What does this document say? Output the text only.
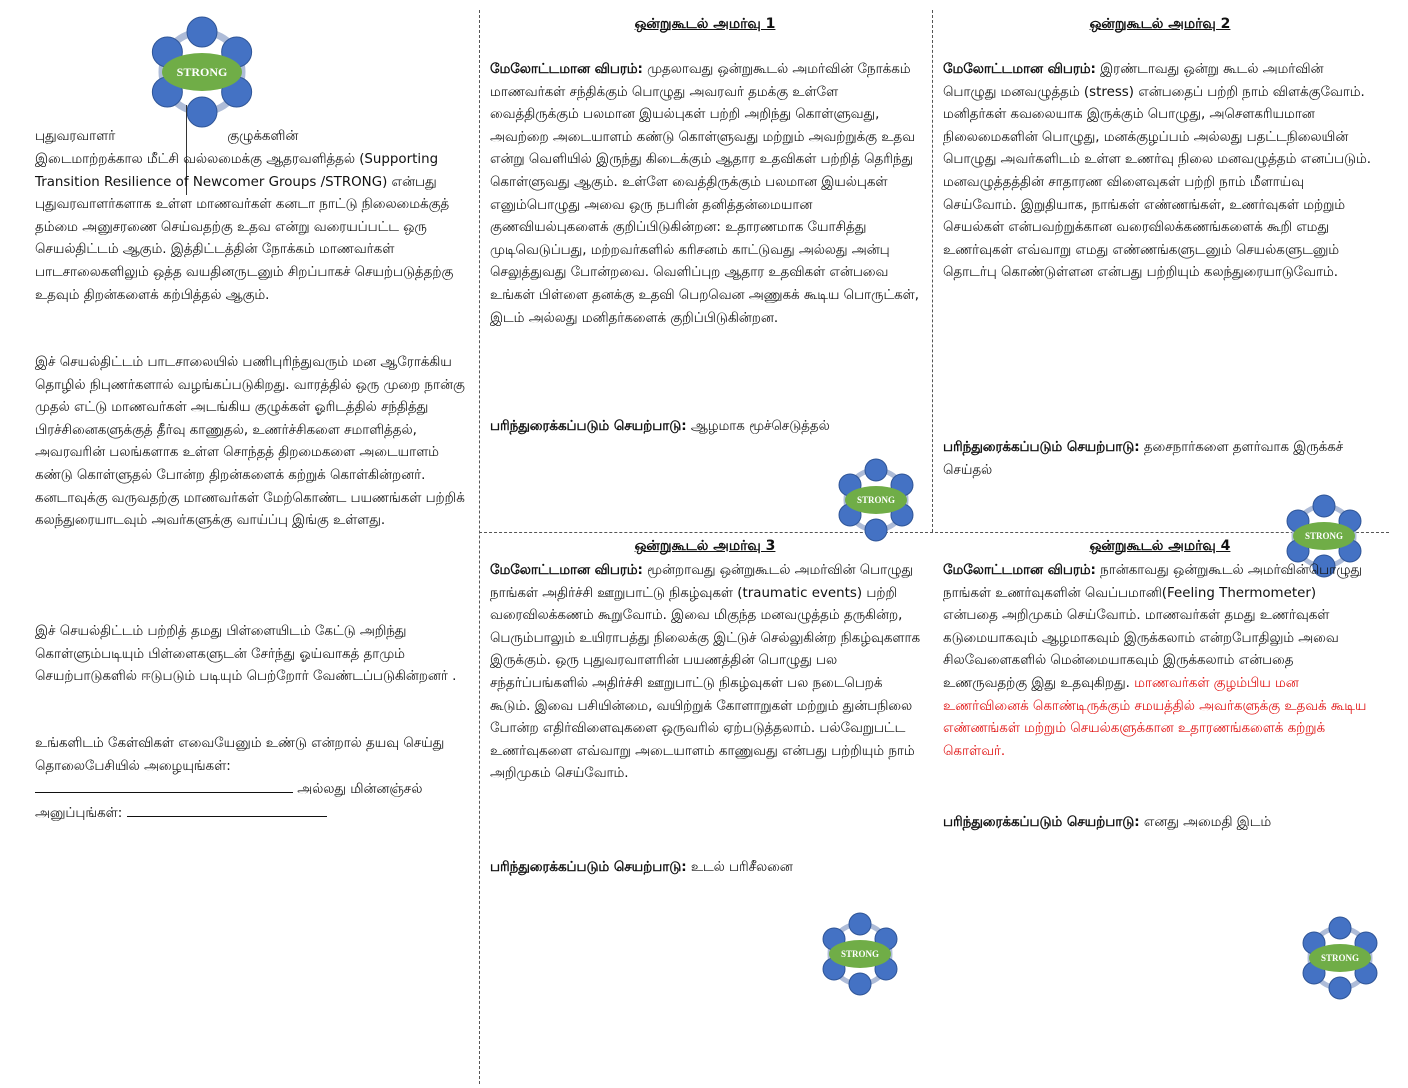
STRONG
STRONG
STRONG
STRONG	STRONG

புதுவரவாளர்	குழுக்களின்

இடைமாற்றக்கால மீட்சி வல்லமைக்கு ஆதரவளித்தல் (Supporting Transition Resilience of Newcomer Groups /STRONG) என்பது புதுவரவாளர்களாக உள்ள மாணவர்கள் கனடா நாட்டு நிலைமைக்குத் தம்மை அனுசரணை செய்வதற்கு உதவ என்று வரையப்பட்ட ஒரு செயல்திட்டம் ஆகும். இத்திட்டத்தின் நோக்கம் மாணவர்கள் பாடசாலைகளிலும் ஒத்த வயதினருடனும் சிறப்பாகச் செயற்படுத்தற்கு உதவும் திறன்களைக் கற்பித்தல் ஆகும்.

இச் செயல்திட்டம் பாடசாலையில் பணிபுரிந்துவரும் மன ஆரோக்கிய தொழில் நிபுணர்களால் வழங்கப்படுகிறது. வாரத்தில் ஒரு முறை நான்கு முதல் எட்டு மாணவர்கள் அடங்கிய குழுக்கள் ஓரிடத்தில் சந்தித்து பிரச்சினைகளுக்குத் தீர்வு காணுதல், உணர்ச்சிகளை சமாளித்தல், அவரவரின் பலங்களாக உள்ள சொந்தத் திறமைகளை அடையாளம் கண்டு கொள்ளுதல் போன்ற திறன்களைக் கற்றுக் கொள்கின்றனர். கனடாவுக்கு வருவதற்கு மாணவர்கள் மேற்கொண்ட பயணங்கள் பற்றிக் கலந்துரையாடவும் அவர்களுக்கு வாய்ப்பு இங்கு உள்ளது.

இச் செயல்திட்டம் பற்றித் தமது பிள்ளையிடம் கேட்டு அறிந்து கொள்ளும்படியும் பிள்ளைகளுடன் சேர்ந்து ஓய்வாகத் தாமும் செயற்பாடுகளில் ஈடுபடும் படியும் பெற்றோர் வேண்டப்படுகின்றனர் .

உங்களிடம் கேள்விகள் எவையேனும் உண்டு என்றால் தயவு செய்து தொலைபேசியில் அழையுங்கள்:
அல்லது மின்னஞ்சல்
அனுப்புங்கள்:

ஒன்றுகூடல் அமர்வு 1

மேலோட்டமான விபரம்: முதலாவது ஒன்றுகூடல் அமர்வின் நோக்கம் மாணவர்கள் சந்திக்கும் பொழுது அவரவர் தமக்கு உள்ளே வைத்திருக்கும் பலமான இயல்புகள் பற்றி அறிந்து கொள்ளுவது, அவற்றை அடையாளம் கண்டு கொள்ளுவது மற்றும் அவற்றுக்கு உதவ என்று வெளியில் இருந்து கிடைக்கும் ஆதார உதவிகள் பற்றித் தெரிந்து கொள்ளுவது ஆகும். உள்ளே வைத்திருக்கும் பலமான இயல்புகள் எனும்பொழுது அவை ஒரு நபரின் தனித்தன்மையான குணவியல்புகளைக் குறிப்பிடுகின்றன: உதாரணமாக யோசித்து முடிவெடுப்பது, மற்றவர்களில் கரிசனம் காட்டுவது அல்லது அன்பு செலுத்துவது போன்றவை. வெளிப்புற ஆதார உதவிகள் என்பவை உங்கள் பிள்ளை தனக்கு உதவி பெறவென அணுகக் கூடிய பொருட்கள், இடம் அல்லது மனிதர்களைக் குறிப்பிடுகின்றன.

பரிந்துரைக்கப்படும் செயற்பாடு: ஆழமாக மூச்செடுத்தல்

ஒன்றுகூடல் அமர்வு 2

மேலோட்டமான விபரம்: இரண்டாவது ஒன்று கூடல் அமர்வின் பொழுது மனவழுத்தம் (stress) என்பதைப் பற்றி நாம் விளக்குவோம். மனிதர்கள் கவலையாக இருக்கும் பொழுது, அசௌகரியமான நிலைமைகளின் பொழுது, மனக்குழப்பம் அல்லது பதட்டநிலையின் பொழுது அவர்களிடம் உள்ள உணர்வு நிலை மனவழுத்தம் எனப்படும். மனவழுத்தத்தின் சாதாரண விளைவுகள் பற்றி நாம் மீளாய்வு செய்வோம். இறுதியாக, நாங்கள் எண்ணங்கள், உணர்வுகள் மற்றும் செயல்கள் என்பவற்றுக்கான வரைவிலக்கணங்களைக் கூறி எமது உணர்வுகள் எவ்வாறு எமது எண்ணங்களுடனும் செயல்களுடனும் தொடர்பு கொண்டுள்ளன என்பது பற்றியும் கலந்துரையாடுவோம்.

பரிந்துரைக்கப்படும் செயற்பாடு: தசைநார்களை தளர்வாக இருக்கச் செய்தல்

ஒன்றுகூடல் அமர்வு 3

மேலோட்டமான விபரம்: மூன்றாவது ஒன்றுகூடல் அமர்வின் பொழுது நாங்கள் அதிர்ச்சி ஊறுபாட்டு நிகழ்வுகள் (traumatic events) பற்றி வரைவிலக்கணம் கூறுவோம். இவை மிகுந்த மனவழுத்தம் தருகின்ற, பெரும்பாலும் உயிராபத்து நிலைக்கு இட்டுச் செல்லுகின்ற நிகழ்வுகளாக இருக்கும். ஒரு புதுவரவாளரின் பயணத்தின் பொழுது பல சந்தர்ப்பங்களில் அதிர்ச்சி ஊறுபாட்டு நிகழ்வுகள் பல நடைபெறக் கூடும். இவை பசியின்மை, வயிற்றுக் கோளாறுகள் மற்றும் துன்பநிலை போன்ற எதிர்விளைவுகளை ஒருவரில் ஏற்படுத்தலாம். பல்வேறுபட்ட உணர்வுகளை எவ்வாறு அடையாளம் காணுவது என்பது பற்றியும் நாம் அறிமுகம் செய்வோம்.

பரிந்துரைக்கப்படும் செயற்பாடு: உடல் பரிசீலனை

ஒன்றுகூடல் அமர்வு 4

மேலோட்டமான விபரம்: நான்காவது ஒன்றுகூடல் அமர்வின்பொழுது நாங்கள் உணர்வுகளின் வெப்பமானி(Feeling Thermometer) என்பதை அறிமுகம் செய்வோம். மாணவர்கள் தமது உணர்வுகள் கடுமையாகவும் ஆழமாகவும் இருக்கலாம் என்றபோதிலும் அவை சிலவேளைகளில் மென்மையாகவும் இருக்கலாம் என்பதை உணருவதற்கு இது உதவுகிறது. மாணவர்கள் குழம்பிய மன உணர்வினைக் கொண்டிருக்கும் சமயத்தில் அவர்களுக்கு உதவக் கூடிய எண்ணங்கள் மற்றும் செயல்களுக்கான உதாரணங்களைக் கற்றுக் கொள்வர்.

பரிந்துரைக்கப்படும் செயற்பாடு: எனது அமைதி இடம்
